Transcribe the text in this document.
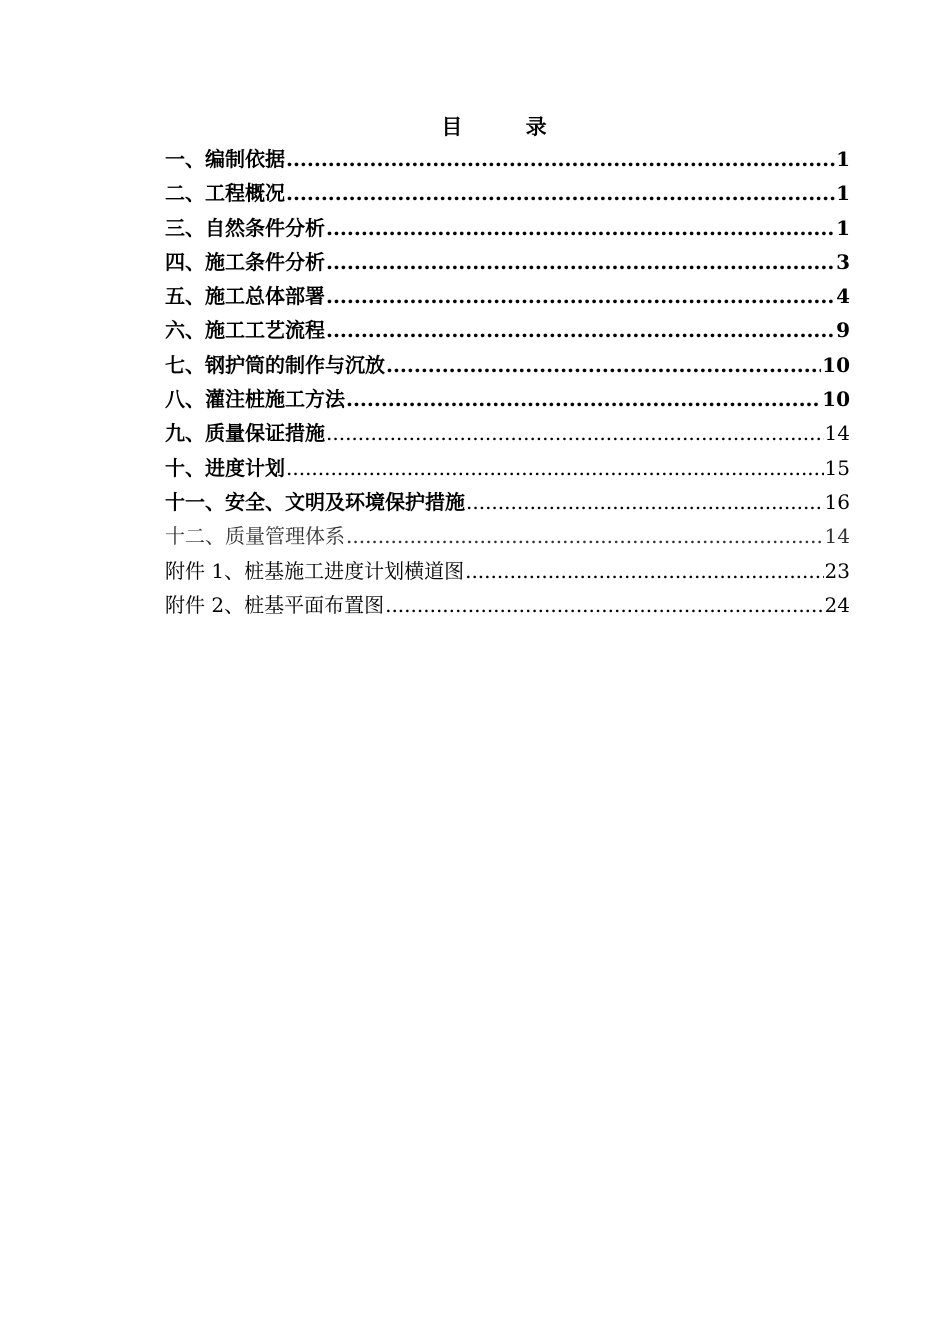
目 录
一、编制依据 .....	1
二、工程概况 .....	1
三、自然条件分析 .....	1
四、施工条件分析 .....	3
五、施工总体部署 .....	4
六、施工工艺流程 .....	9
七、钢护筒的制作与沉放 .....	10
八、灌注桩施工方法 .....	10
九、质量保证措施 .....	14
十、进度计划 .....	15
十一、安全、文明及环境保护措施 .....	16
十二、质量管理体系 .....	14
附件 1、桩基施工进度计划横道图 .....	23
附件 2、桩基平面布置图 .....	24
